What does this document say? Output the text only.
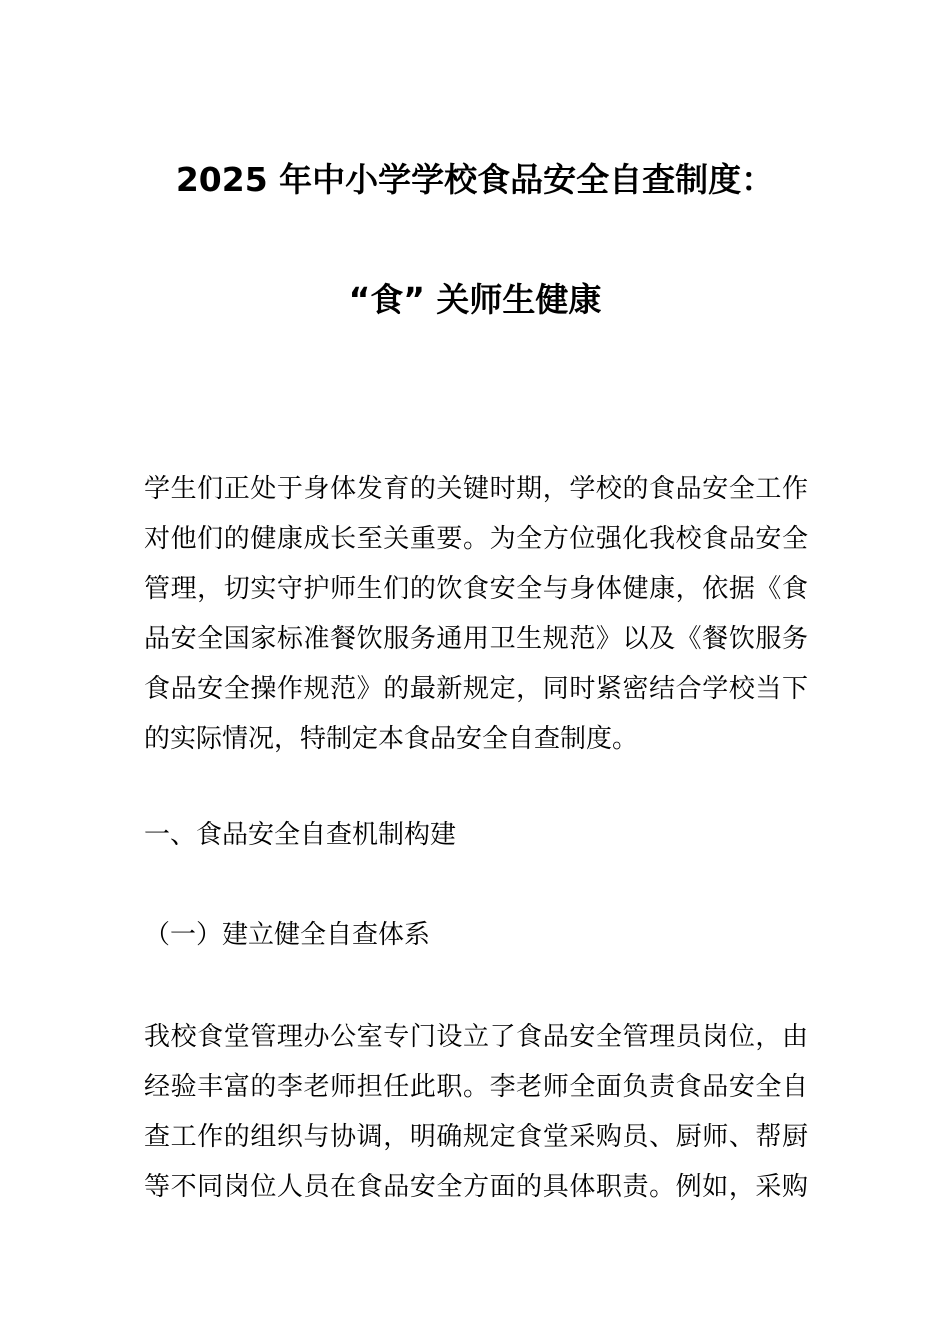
2025 年中小学学校食品安全自查制度：
“食” 关师生健康
学生们正处于身体发育的关键时期，学校的食品安全工作
对他们的健康成长至关重要。为全方位强化我校食品安全
管理，切实守护师生们的饮食安全与身体健康，依据《食
品安全国家标准餐饮服务通用卫生规范》以及《餐饮服务
食品安全操作规范》的最新规定，同时紧密结合学校当下
的实际情况，特制定本食品安全自查制度。
一、食品安全自查机制构建
（一）建立健全自查体系
我校食堂管理办公室专门设立了食品安全管理员岗位，由
经验丰富的李老师担任此职。李老师全面负责食品安全自
查工作的组织与协调，明确规定食堂采购员、厨师、帮厨
等不同岗位人员在食品安全方面的具体职责。例如，采购
